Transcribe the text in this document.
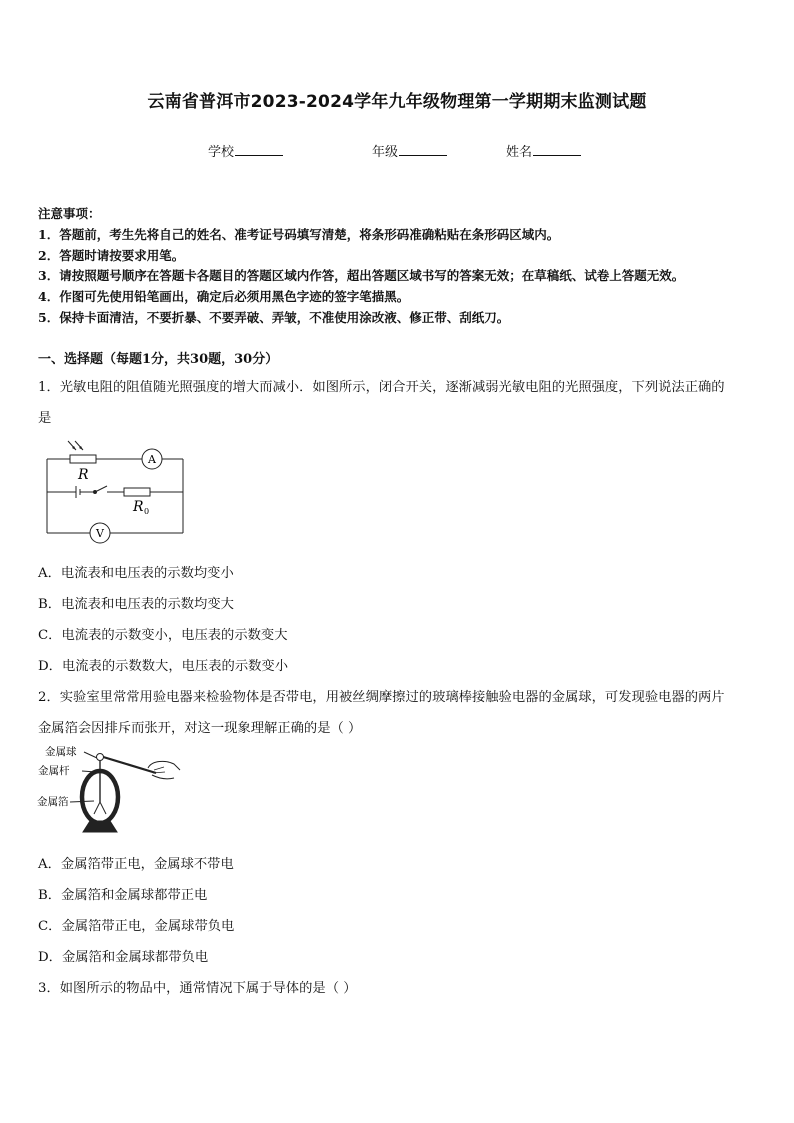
云南省普洱市2023-2024学年九年级物理第一学期期末监测试题
学校	年级	姓名
注意事项：
1．答题前，考生先将自己的姓名、准考证号码填写清楚，将条形码准确粘贴在条形码区域内。
2．答题时请按要求用笔。
3．请按照题号顺序在答题卡各题目的答题区域内作答，超出答题区域书写的答案无效；在草稿纸、试卷上答题无效。
4．作图可先使用铅笔画出，确定后必须用黑色字迹的签字笔描黑。
5．保持卡面清洁，不要折暴、不要弄破、弄皱，不准使用涂改液、修正带、刮纸刀。
一、选择题（每题1分，共30题，30分）
1．光敏电阻的阻值随光照强度的增大而减小．如图所示，闭合开关，逐渐减弱光敏电阻的光照强度，下列说法正确的
是
R
A
V
R 0
A．电流表和电压表的示数均变小
B．电流表和电压表的示数均变大
C．电流表的示数变小，电压表的示数变大
D．电流表的示数数大，电压表的示数变小
2．实验室里常常用验电器来检验物体是否带电，用被丝绸摩擦过的玻璃棒接触验电器的金属球，可发现验电器的两片
金属箔会因排斥而张开，对这一现象理解正确的是（ ）
金属球
金属杆
金属箔
A．金属箔带正电，金属球不带电
B．金属箔和金属球都带正电
C．金属箔带正电，金属球带负电
D．金属箔和金属球都带负电
3．如图所示的物品中，通常情况下属于导体的是（ ）
